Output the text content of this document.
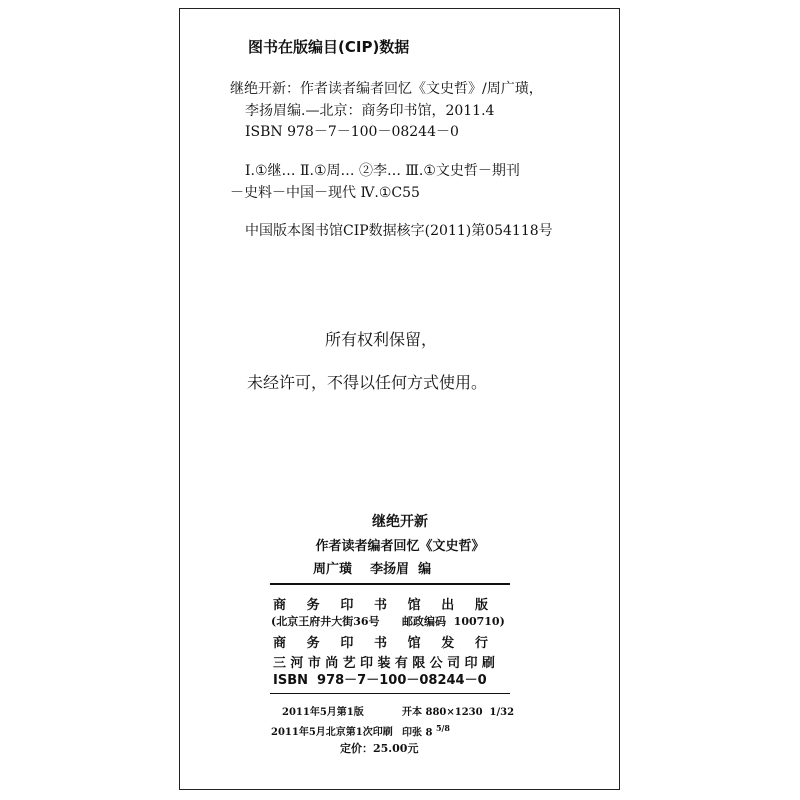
图书在版编目(CIP)数据
继绝开新：作者读者编者回忆《文史哲》/周广璜，
李扬眉编.—北京：商务印书馆，2011.4
ISBN 978－7－100－08244－0
Ⅰ.①继… Ⅱ.①周… ②李… Ⅲ.①文史哲－期刊
－史料－中国－现代 Ⅳ.①C55
中国版本图书馆CIP数据核字(2011)第054118号
所有权利保留，
未经许可，不得以任何方式使用。
继绝开新
作者读者编者回忆《文史哲》
周广璜    李扬眉  编
商 务 印 书 馆 出 版
(北京王府井大街36号 邮政编码  100710)
商 务 印 书 馆 发 行
三 河 市 尚 艺 印 装 有 限 公 司 印 刷
ISBN  978－7－100－08244－0
2011年5月第1版	开本 880×1230  1/32
2011年5月北京第1次印刷 印张 8 $^{5/8}$
定价：25.00元
